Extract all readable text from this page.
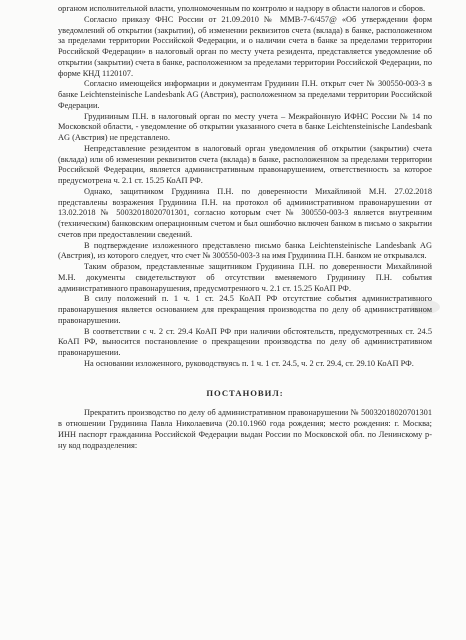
органом исполнительной власти, уполномоченным по контролю и надзору в области налогов и сборов.

Согласно приказу ФНС России от 21.09.2010 № ММВ-7-6/457@ «Об утверждении форм уведомлений об открытии (закрытии), об изменении реквизитов счета (вклада) в банке, расположенном за пределами территории Российской Федерации, и о наличии счета в банке за пределами территории Российской Федерации» в налоговый орган по месту учета резидента, представляется уведомление об открытии (закрытии) счета в банке, расположенном за пределами территории Российской Федерации, по форме КНД 1120107.

Согласно имеющейся информации и документам Грудинин П.Н. открыт счет № 300550-003-3 в банке Leichtensteinische Landesbank AG (Австрия), расположенном за пределами территории Российской Федерации.

Грудининым П.Н. в налоговый орган по месту учета – Межрайонную ИФНС России № 14 по Московской области, - уведомление об открытии указанного счета в банке Leichtensteinische Landesbank AG (Австрия) не представлено.

Непредставление резидентом в налоговый орган уведомления об открытии (закрытии) счета (вклада) или об изменении реквизитов счета (вклада) в банке, расположенном за пределами территории Российской Федерации, является административным правонарушением, ответственность за которое предусмотрена ч. 2.1 ст. 15.25 КоАП РФ.

Однако, защитником Грудинина П.Н. по доверенности Михайлиной М.Н. 27.02.2018 представлены возражения Грудинина П.Н. на протокол об административном правонарушении от 13.02.2018 № 50032018020701301, согласно которым счет № 300550-003-3 является внутренним (техническим) банковским операционным счетом и был ошибочно включен банком в письмо о закрытии счетов при предоставлении сведений.

В подтверждение изложенного представлено письмо банка Leichtensteinische Landesbank AG (Австрия), из которого следует, что счет № 300550-003-3 на имя Грудинина П.Н. банком не открывался.

Таким образом, представленные защитником Грудинина П.Н. по доверенности Михайлиной М.Н. документы свидетельствуют об отсутствии вменяемого Грудинину П.Н. события административного правонарушения, предусмотренного ч. 2.1 ст. 15.25 КоАП РФ.

В силу положений п. 1 ч. 1 ст. 24.5 КоАП РФ отсутствие события административного правонарушения является основанием для прекращения производства по делу об административном правонарушении.

В соответствии с ч. 2 ст. 29.4 КоАП РФ при наличии обстоятельств, предусмотренных ст. 24.5 КоАП РФ, выносится постановление о прекращении производства по делу об административном правонарушении.

На основании изложенного, руководствуясь п. 1 ч. 1 ст. 24.5, ч. 2 ст. 29.4, ст. 29.10 КоАП РФ.

ПОСТАНОВИЛ:

Прекратить производство по делу об административном правонарушении № 50032018020701301 в отношении Грудинина Павла Николаевича (20.10.1960 года рождения; место рождения: г. Москва; ИНН паспорт гражданина Российской Федерации выдан России по Московской обл. по Ленинскому р-ну код подразделения:
